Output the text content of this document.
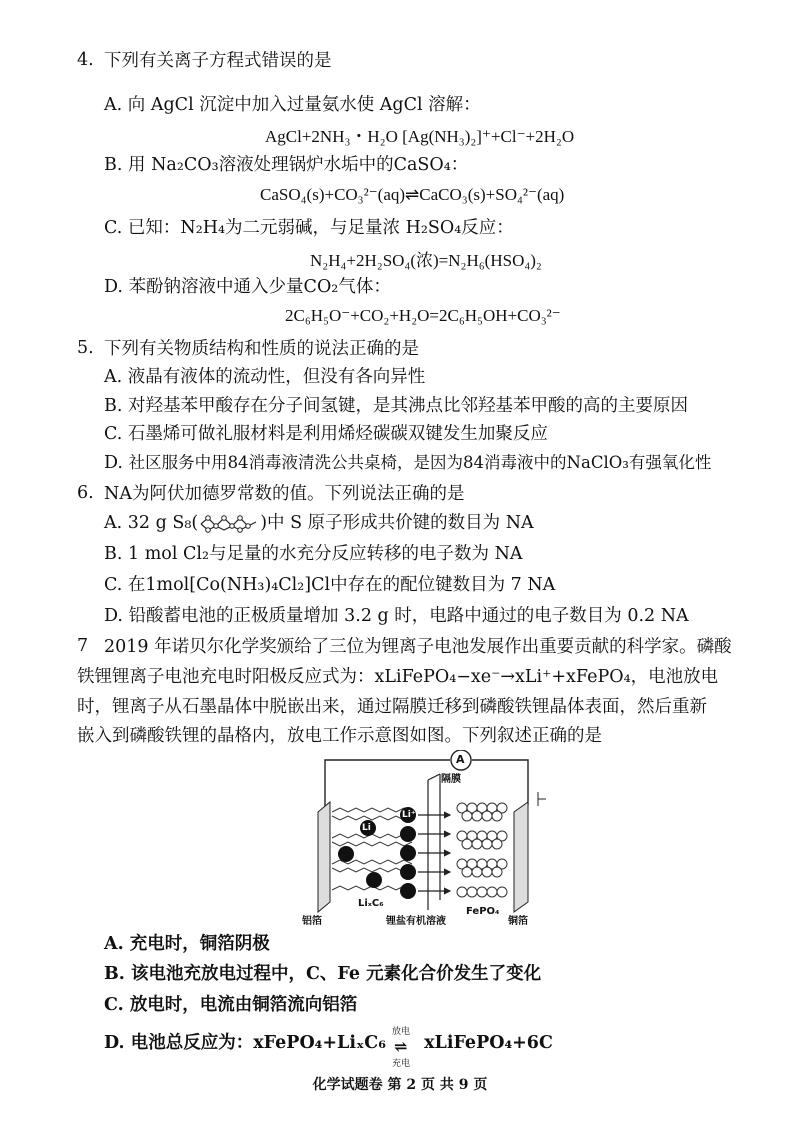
4. 下列有关离子方程式错误的是
A. 向 AgCl 沉淀中加入过量氨水使 AgCl 溶解：
AgCl+2NH₃・H₂O [Ag(NH₃)₂]⁺+Cl⁻+2H₂O
B. 用 Na₂CO₃溶液处理锅炉水垢中的CaSO₄：
CaSO₄(s)+CO₃²⁻(aq)⇌CaCO₃(s)+SO₄²⁻(aq)
C. 已知：N₂H₄为二元弱碱，与足量浓 H₂SO₄反应：
N₂H₄+2H₂SO₄(浓)=N₂H₆(HSO₄)₂
D. 苯酚钠溶液中通入少量CO₂气体：
2C₆H₅O⁻+CO₂+H₂O=2C₆H₅OH+CO₃²⁻
5. 下列有关物质结构和性质的说法正确的是
A. 液晶有液体的流动性，但没有各向异性
B. 对羟基苯甲酸存在分子间氢键，是其沸点比邻羟基苯甲酸的高的主要原因
C. 石墨烯可做礼服材料是利用烯烃碳碳双键发生加聚反应
D. 社区服务中用84消毒液清洗公共桌椅，是因为84消毒液中的NaClO₃有强氧化性
6. NA为阿伏加德罗常数的值。下列说法正确的是
A. 32 g S₈(	)中 S 原子形成共价键的数目为 NA
B. 1 mol Cl₂与足量的水充分反应转移的电子数为 NA
C. 在1mol[Co(NH₃)₄Cl₂]Cl中存在的配位键数目为 7 NA
D. 铅酸蓄电池的正极质量增加 3.2 g 时，电路中通过的电子数目为 0.2 NA
7 2019 年诺贝尔化学奖颁给了三位为锂离子电池发展作出重要贡献的科学家。磷酸
铁锂锂离子电池充电时阳极反应式为：xLiFePO₄−xe⁻→xLi⁺+xFePO₄，电池放电
时，锂离子从石墨晶体中脱嵌出来，通过隔膜迁移到磷酸铁锂晶体表面，然后重新
嵌入到磷酸铁锂的晶格内，放电工作示意图如图。下列叙述正确的是
A
隔膜
铝箔
LiₓC₆
锂盐有机溶液
FePO₄
铜箔
Li
Li⁺
A. 充电时，铜箔阴极
B. 该电池充放电过程中，C、Fe 元素化合价发生了变化
C. 放电时，电流由铜箔流向铝箔
D. 电池总反应为：xFePO₄+LiₓC₆
放电
⇌
充电
xLiFePO₄+6C
化学试题卷 第 2 页 共 9 页
